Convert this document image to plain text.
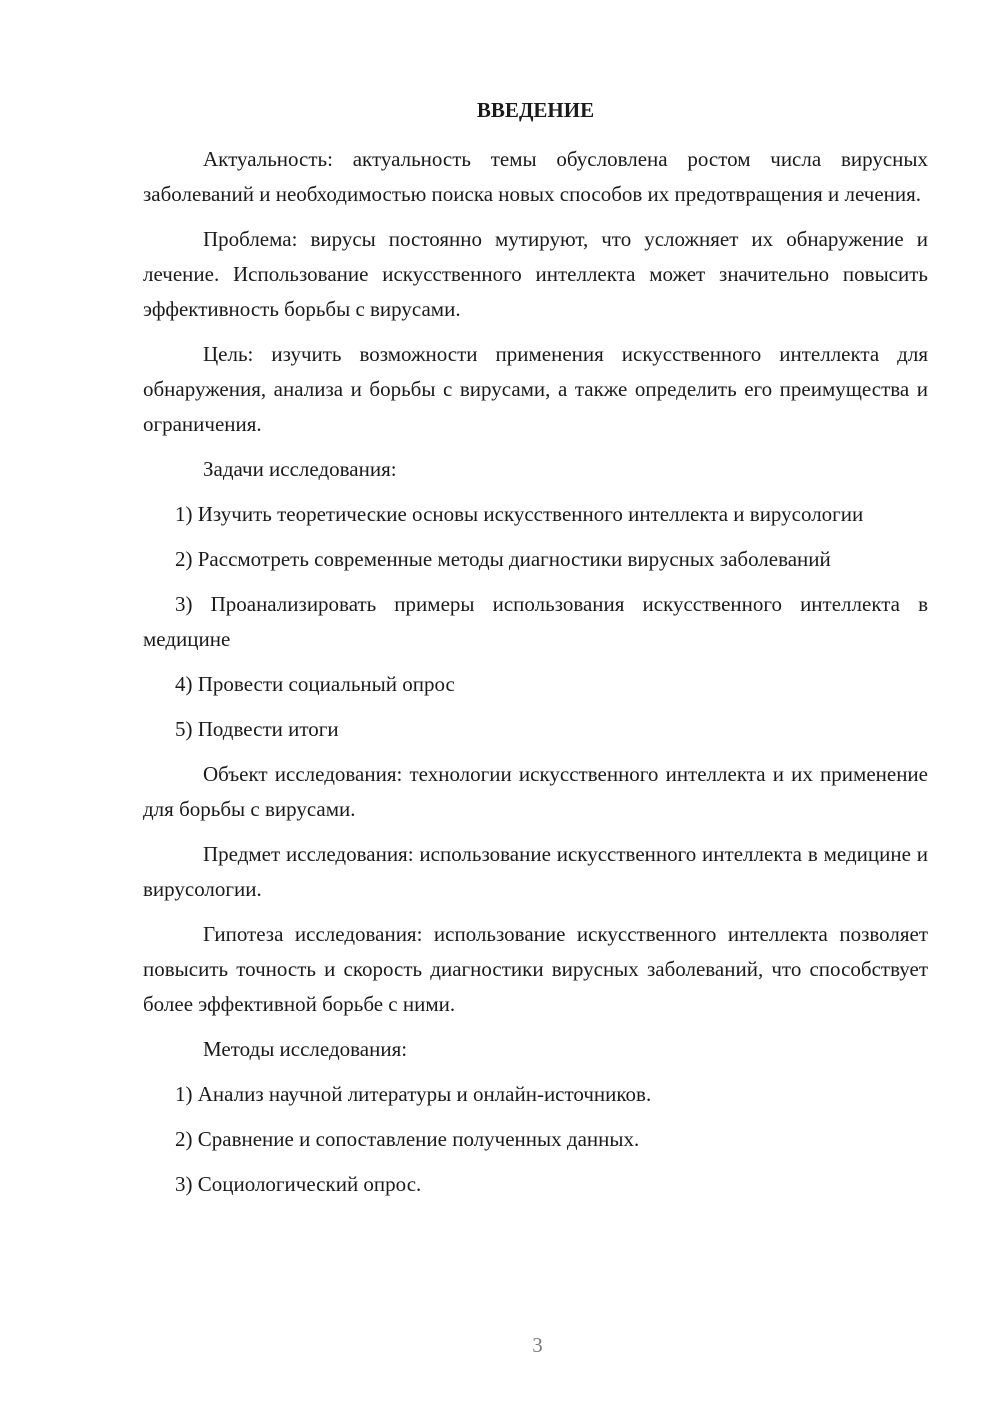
ВВЕДЕНИЕ

Актуальность: актуальность темы обусловлена ростом числа вирусных заболеваний и необходимостью поиска новых способов их предотвращения и лечения.

Проблема: вирусы постоянно мутируют, что усложняет их обнаружение и лечение. Использование искусственного интеллекта может значительно повысить эффективность борьбы с вирусами.

Цель: изучить возможности применения искусственного интеллекта для обнаружения, анализа и борьбы с вирусами, а также определить его преимущества и ограничения.

Задачи исследования:

1) Изучить теоретические основы искусственного интеллекта и вирусологии

2) Рассмотреть современные методы диагностики вирусных заболеваний

3) Проанализировать примеры использования искусственного интеллекта в медицине

4) Провести социальный опрос

5) Подвести итоги

Объект исследования: технологии искусственного интеллекта и их применение для борьбы с вирусами.

Предмет исследования: использование искусственного интеллекта в медицине и вирусологии.

Гипотеза исследования: использование искусственного интеллекта позволяет повысить точность и скорость диагностики вирусных заболеваний, что способствует более эффективной борьбе с ними.

Методы исследования:

1) Анализ научной литературы и онлайн-источников.

2) Сравнение и сопоставление полученных данных.

3) Социологический опрос.

3
